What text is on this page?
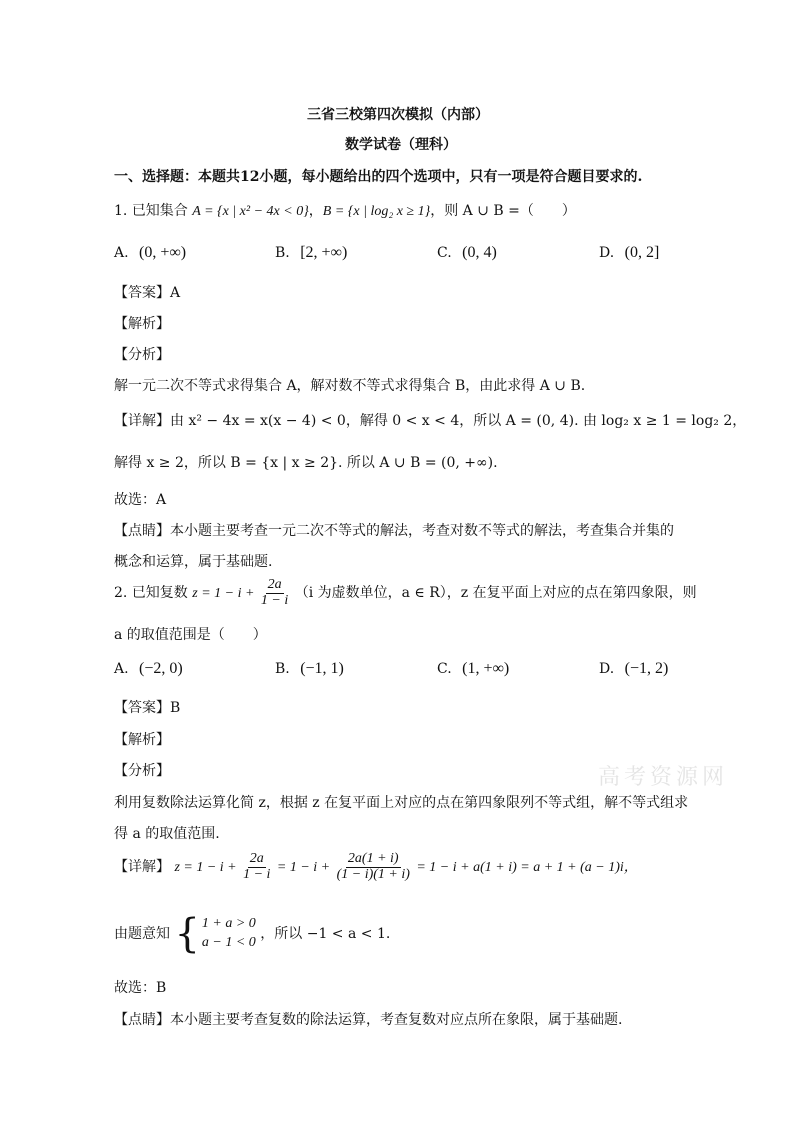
三省三校第四次模拟（内部）
数学试卷（理科）
一、选择题：本题共12小题，每小题给出的四个选项中，只有一项是符合题目要求的.
1. 已知集合 A = {x | x² − 4x < 0}，B = {x | log₂ x ≥ 1}，则 A ∪ B =（　　）
A. (0, +∞)	B. [2, +∞)	C. (0, 4)	D. (0, 2]
【答案】A
【解析】
【分析】
解一元二次不等式求得集合 A，解对数不等式求得集合 B，由此求得 A ∪ B.
【详解】由 x² − 4x = x(x − 4) < 0，解得 0 < x < 4，所以 A = (0, 4). 由 log₂ x ≥ 1 = log₂ 2，
解得 x ≥ 2，所以 B = {x | x ≥ 2}. 所以 A ∪ B = (0, +∞).
故选：A
【点睛】本小题主要考查一元二次不等式的解法，考查对数不等式的解法，考查集合并集的
概念和运算，属于基础题.
2. 已知复数 $z = 1 - i + \frac{2a}{1 - i} (i$ 为虚数单位，a ∈ R），z 在复平面上对应的点在第四象限，则
a 的取值范围是（　　）
A. (−2, 0)	B. (−1, 1)	C. (1, +∞)	D. (−1, 2)
【答案】B
【解析】
【分析】	高考资源网
利用复数除法运算化简 z，根据 z 在复平面上对应的点在第四象限列不等式组，解不等式组求
得 a 的取值范围.
【详解】 $z = 1 - i + \frac{2a}{1 - i} = 1 - i + \frac{2a(1 + i)}{(1 - i)(1 + i)} = 1 - i + a(1 + i) = a + 1 + (a - 1)i$，
由题意知 { 1 + a > 0
a − 1 < 0
，所以 −1 < a < 1.
故选：B
【点睛】本小题主要考查复数的除法运算，考查复数对应点所在象限，属于基础题.
